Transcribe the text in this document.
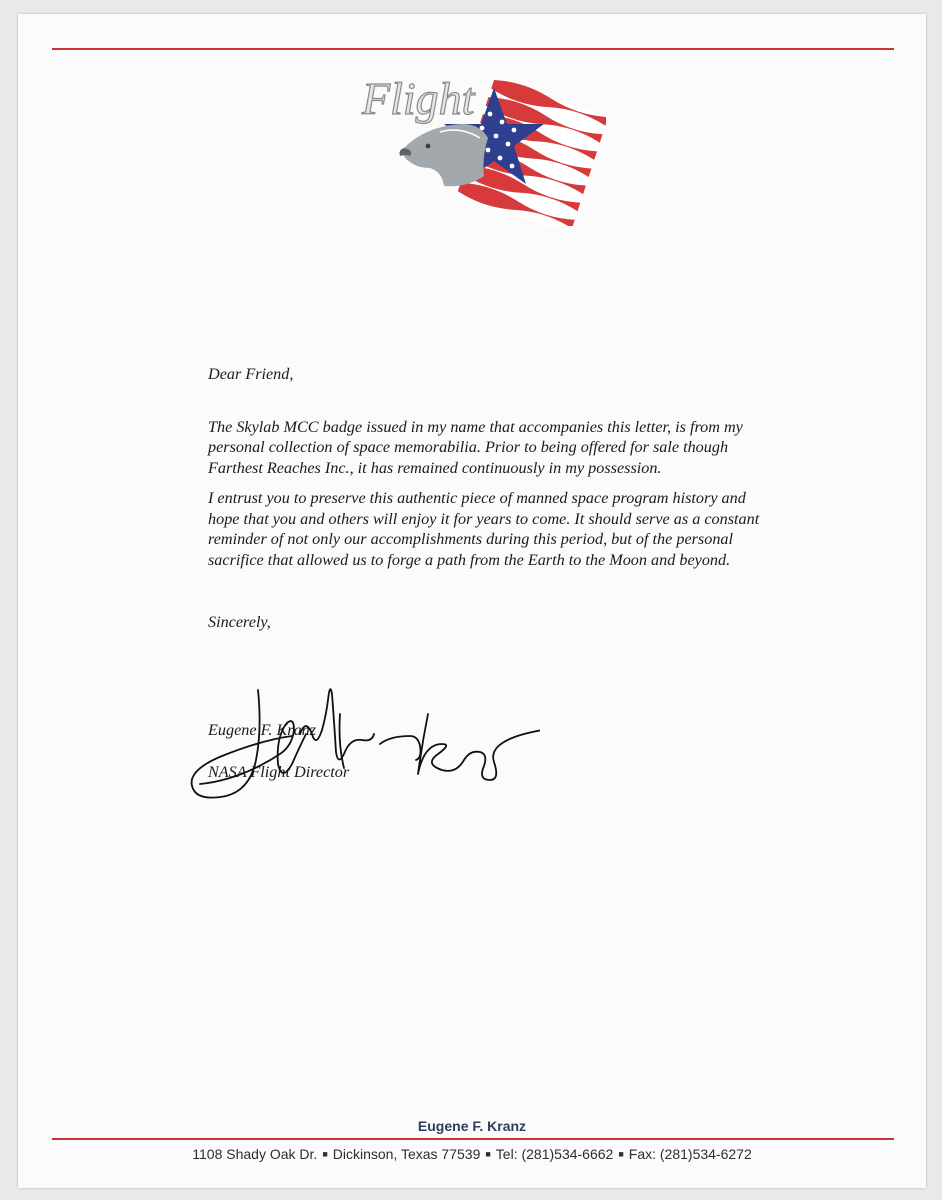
Flight

Dear Friend,

The Skylab MCC badge issued in my name that accompanies this letter, is from my personal collection of space memorabilia. Prior to being offered for sale though Farthest Reaches Inc., it has remained continuously in my possession.

I entrust you to preserve this authentic piece of manned space program history and hope that you and others will enjoy it for years to come. It should serve as a constant reminder of not only our accomplishments during this period, but of the personal sacrifice that allowed us to forge a path from the Earth to the Moon and beyond.

Sincerely,

Eugene F. Kranz

NASA Flight Director

Eugene F. Kranz
1108 Shady Oak Dr. ■ Dickinson, Texas 77539 ■ Tel: (281)534-6662 ■ Fax: (281)534-6272
